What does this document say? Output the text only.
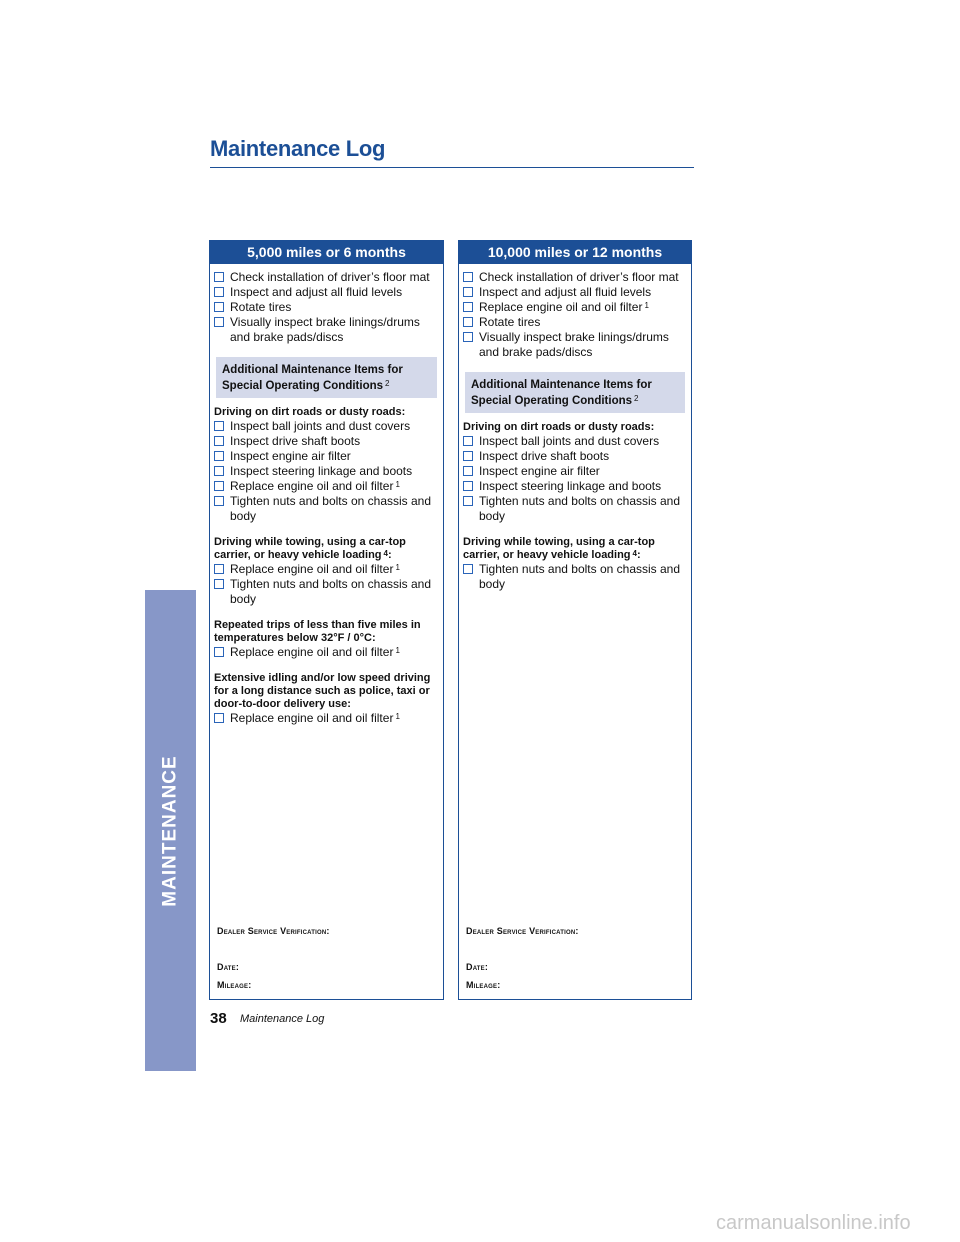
Maintenance Log
MAINTENANCE
5,000 miles or 6 months
Check installation of driver’s floor mat
Inspect and adjust all fluid levels
Rotate tires
Visually inspect brake linings/drums and brake pads/discs
Additional Maintenance Items for
Special Operating Conditions $^2$
Driving on dirt roads or dusty roads:
Inspect ball joints and dust covers
Inspect drive shaft boots
Inspect engine air filter
Inspect steering linkage and boots
Replace engine oil and oil filter $^1$
Tighten nuts and bolts on chassis and body
Driving while towing, using a car-top carrier, or heavy vehicle loading $^4$:
Replace engine oil and oil filter $^1$
Tighten nuts and bolts on chassis and body
Repeated trips of less than five miles in temperatures below 32°F / 0°C:
Replace engine oil and oil filter $^1$
Extensive idling and/or low speed driving for a long distance such as police, taxi or door-to-door delivery use:
Replace engine oil and oil filter $^1$
Dealer Service Verification:
Date:
Mileage:
10,000 miles or 12 months
Check installation of driver’s floor mat
Inspect and adjust all fluid levels
Replace engine oil and oil filter $^1$
Rotate tires
Visually inspect brake linings/drums and brake pads/discs
Additional Maintenance Items for
Special Operating Conditions $^2$
Driving on dirt roads or dusty roads:
Inspect ball joints and dust covers
Inspect drive shaft boots
Inspect engine air filter
Inspect steering linkage and boots
Tighten nuts and bolts on chassis and body
Driving while towing, using a car-top carrier, or heavy vehicle loading $^4$:
Tighten nuts and bolts on chassis and body
Dealer Service Verification:
Date:
Mileage:
38 Maintenance Log
carmanualsonline.info
